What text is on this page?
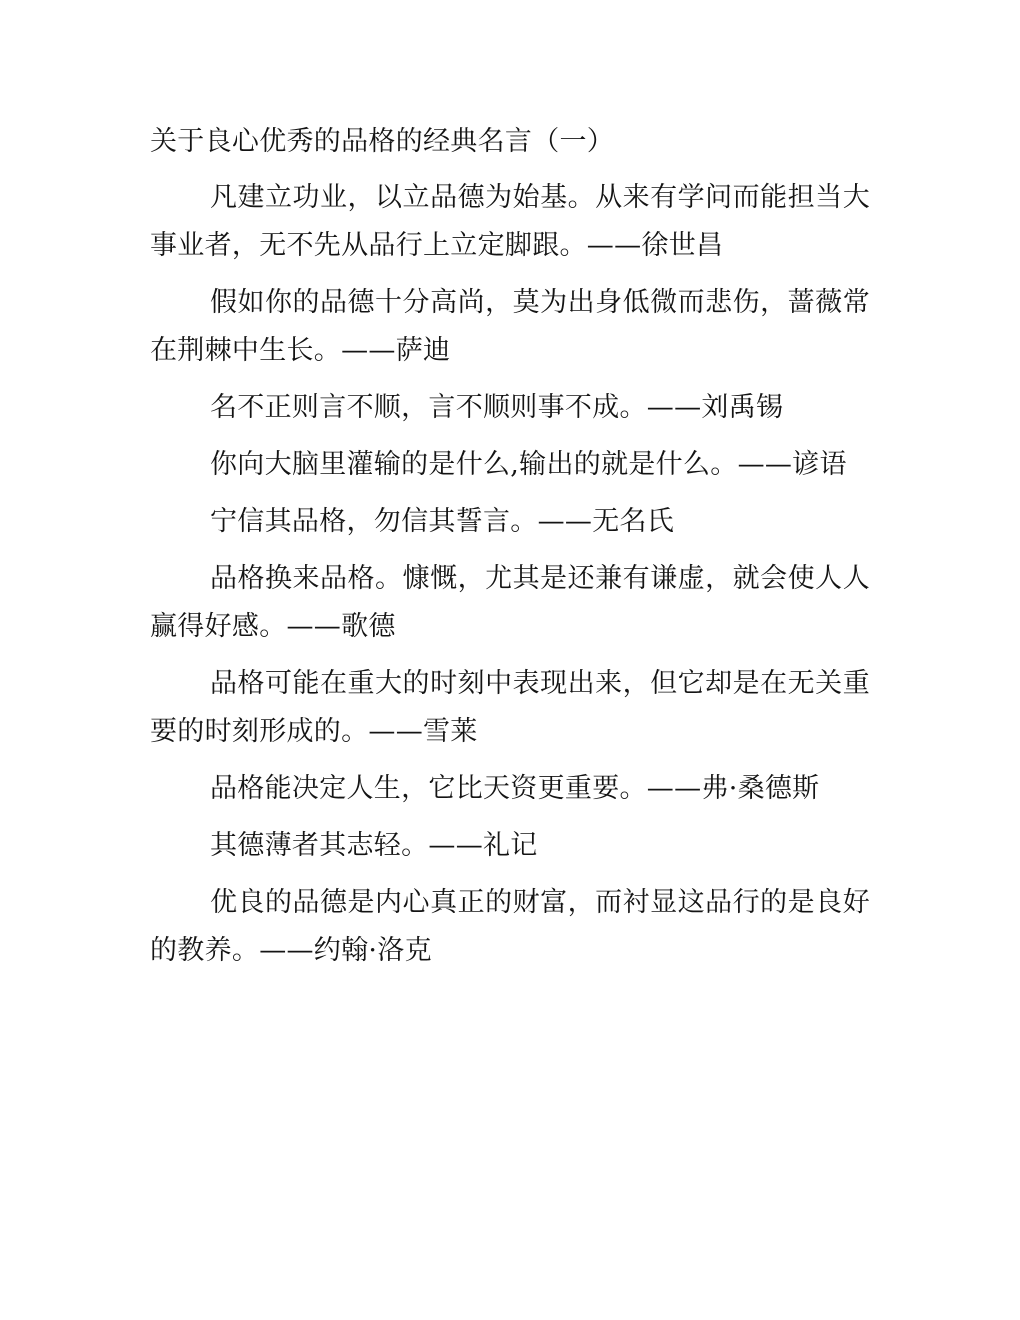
关于良心优秀的品格的经典名言（一）

凡建立功业，以立品德为始基。从来有学问而能担当大事业者，无不先从品行上立定脚跟。——徐世昌

假如你的品德十分高尚，莫为出身低微而悲伤，蔷薇常在荆棘中生长。——萨迪

名不正则言不顺，言不顺则事不成。——刘禹锡

你向大脑里灌输的是什么,输出的就是什么。——谚语

宁信其品格，勿信其誓言。——无名氏

品格换来品格。慷慨，尤其是还兼有谦虚，就会使人人赢得好感。——歌德

品格可能在重大的时刻中表现出来，但它却是在无关重要的时刻形成的。——雪莱

品格能决定人生，它比天资更重要。——弗·桑德斯

其德薄者其志轻。——礼记

优良的品德是内心真正的财富，而衬显这品行的是良好的教养。——约翰·洛克
